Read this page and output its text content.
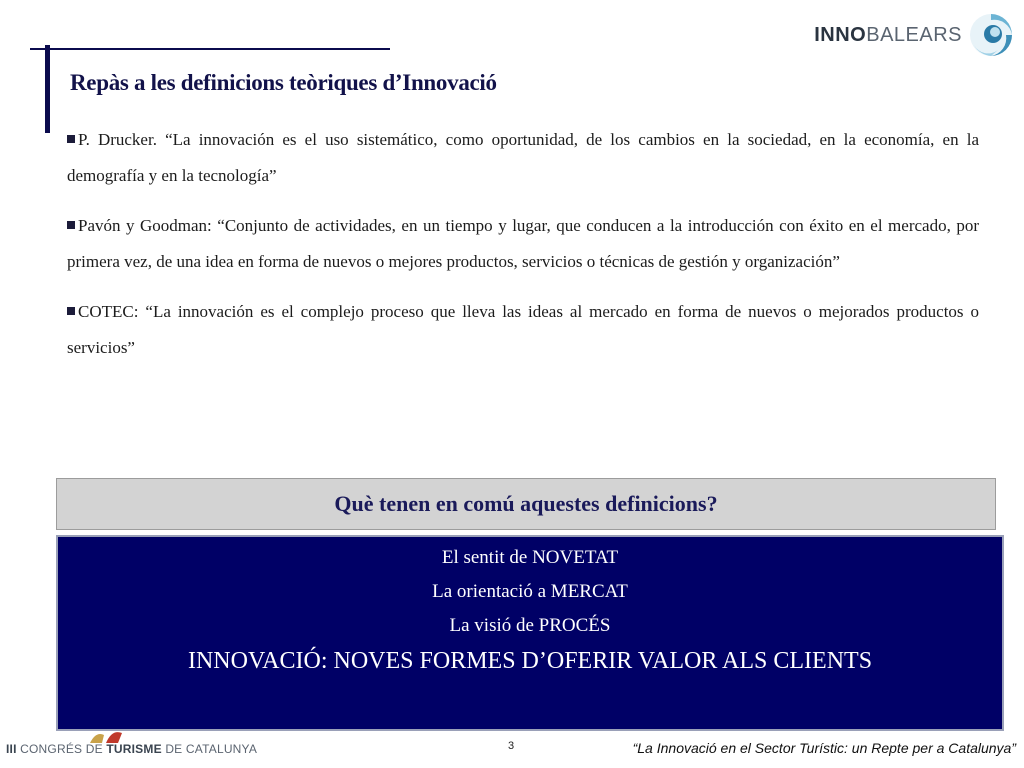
Repàs a les definicions teòriques d’Innovació
INNOBALEARS
P. Drucker. “La innovación es el uso sistemático, como oportunidad, de los cambios en la sociedad, en la economía, en la demografía y en la tecnología”
Pavón y Goodman: “Conjunto de actividades, en un tiempo y lugar, que conducen a la introducción con éxito en el mercado, por primera vez, de una idea en forma de nuevos o mejores productos, servicios o técnicas de gestión y organización”
COTEC: “La innovación es el complejo proceso que lleva las ideas al mercado en forma de nuevos o mejorados productos o servicios”
Què tenen en comú aquestes definicions?
El sentit de NOVETAT
La orientació a MERCAT
La visió de PROCÉS
INNOVACIÓ: NOVES FORMES D’OFERIR VALOR ALS CLIENTS
III CONGRÉS DE TURISME DE CATALUNYA	3	“La Innovació en el Sector Turístic: un Repte per a Catalunya”
